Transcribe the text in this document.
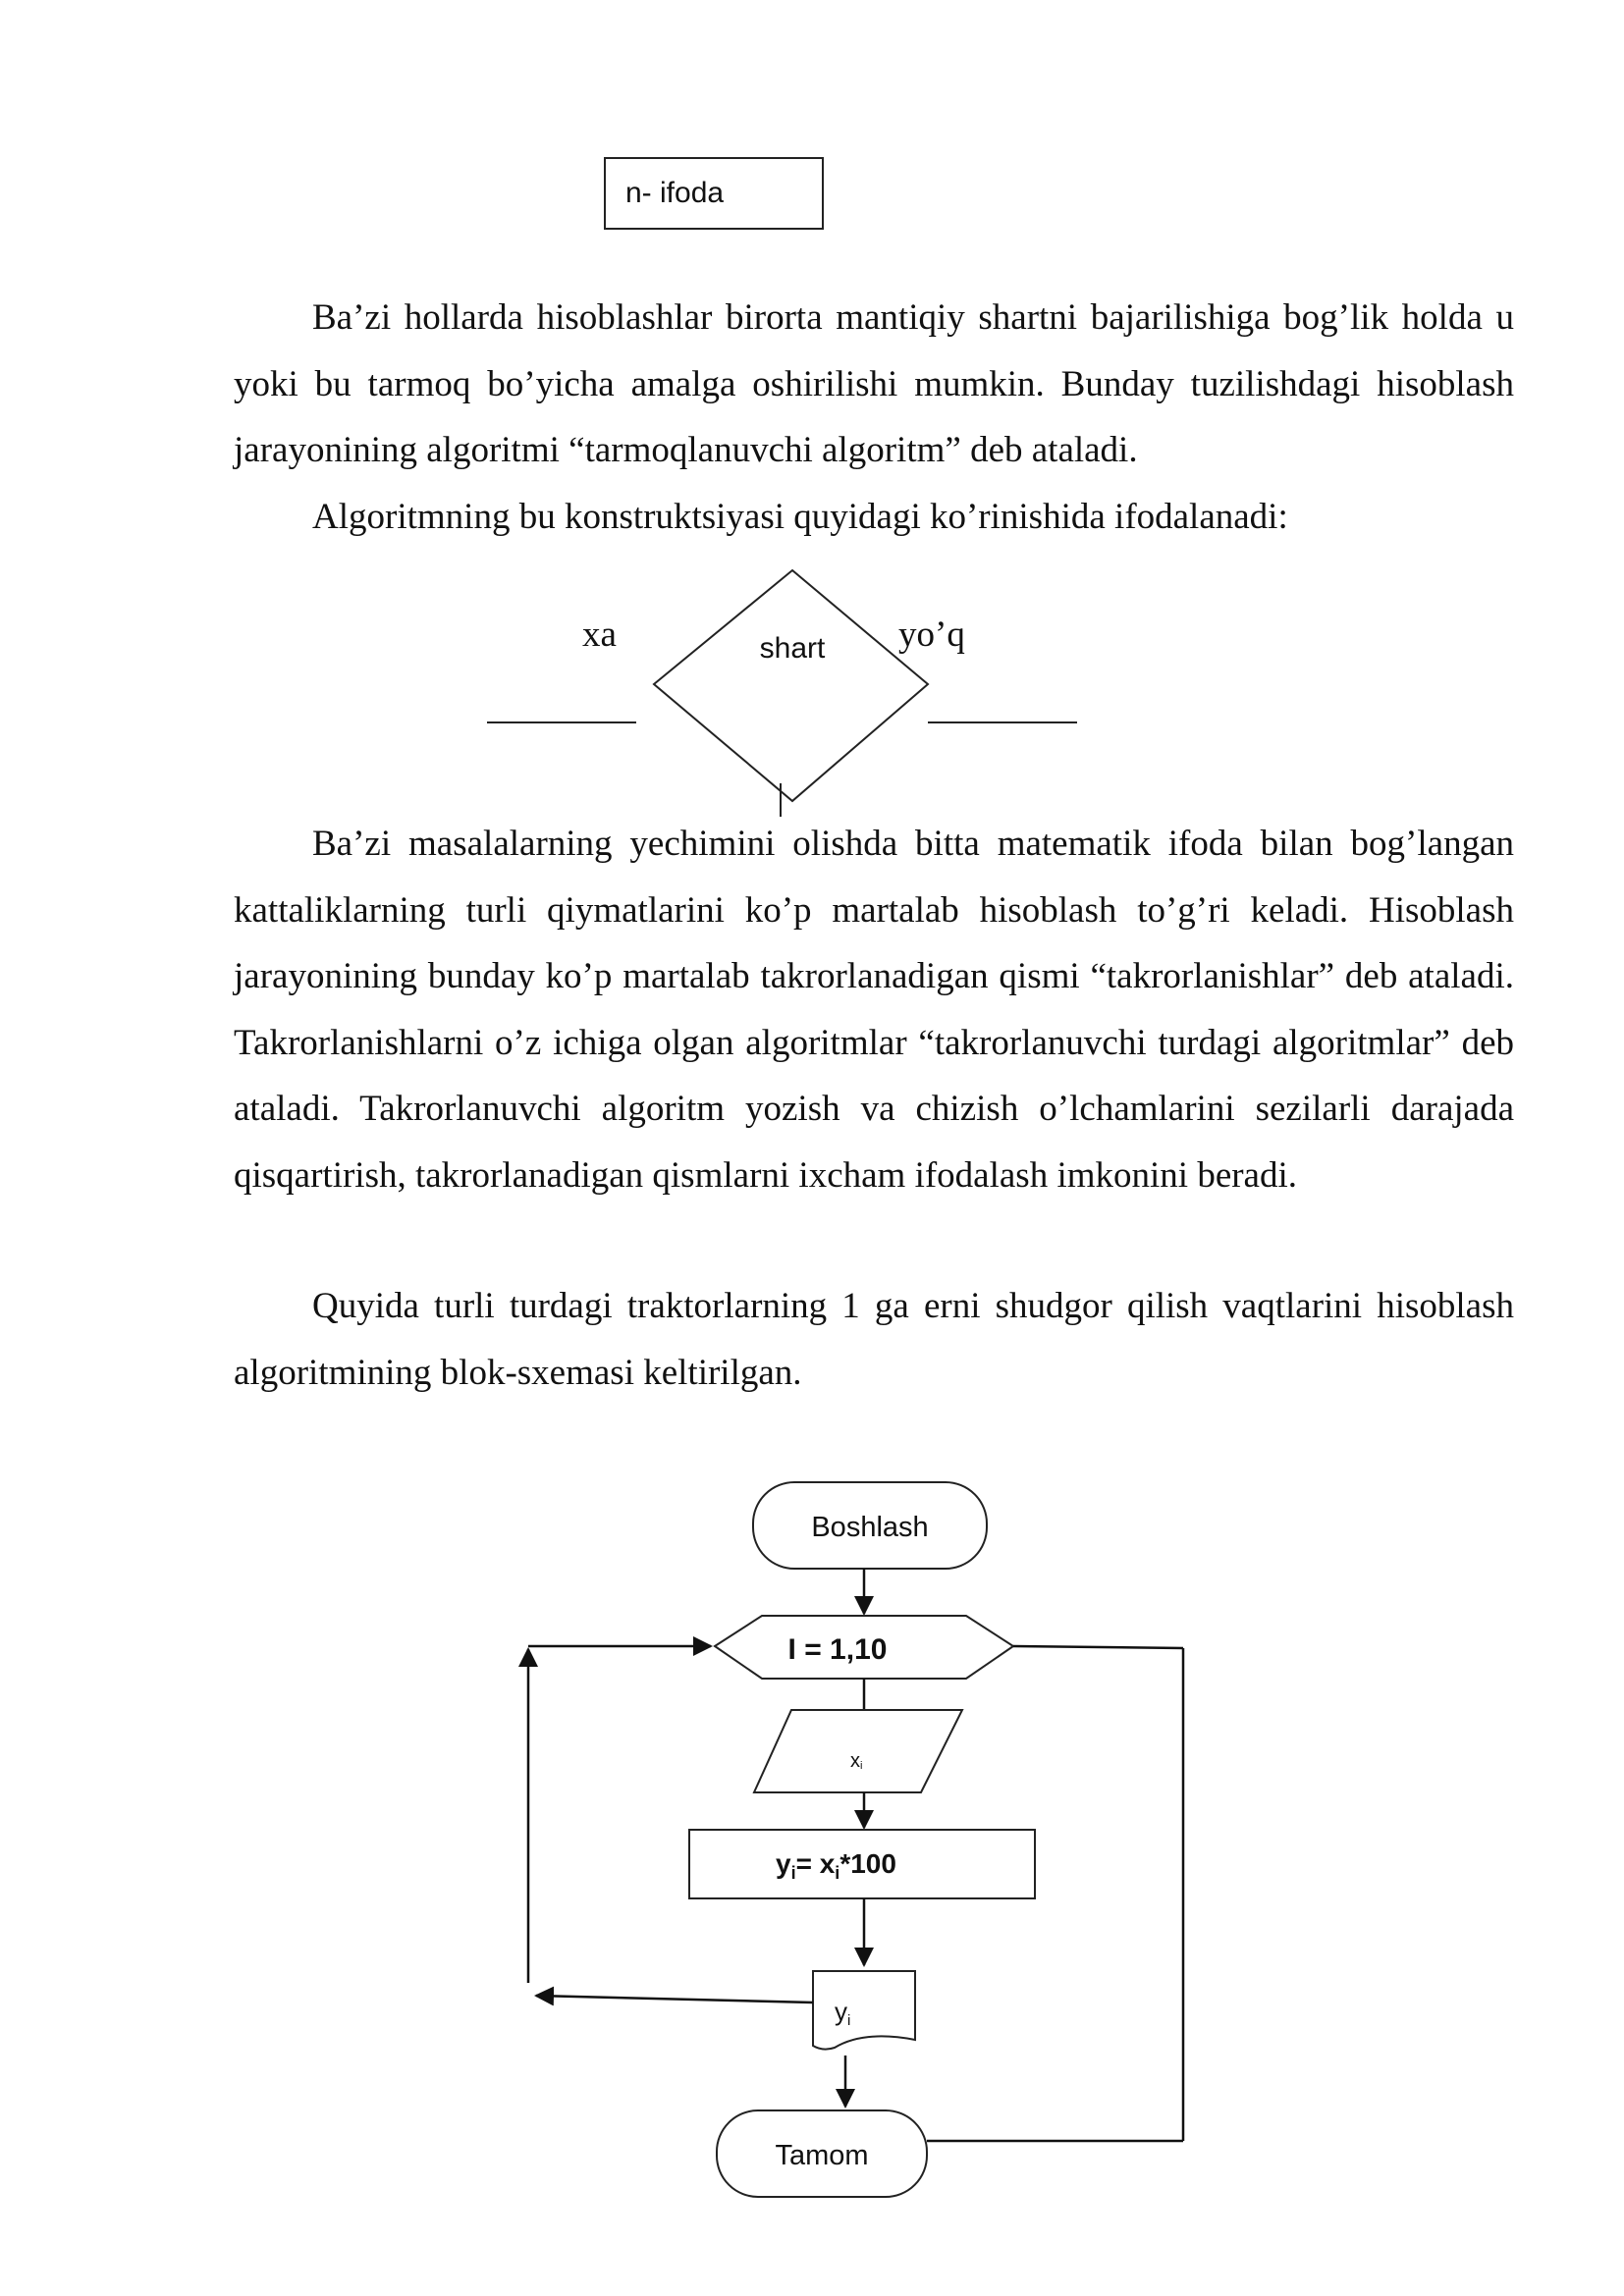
n- ifoda

Ba’zi hollarda hisoblashlar birorta mantiqiy shartni bajarilishiga bog’lik holda u yoki bu tarmoq bo’yicha amalga oshirilishi mumkin. Bunday tuzilishdagi hisoblash jarayonining algoritmi “tarmoqlanuvchi algoritm” deb ataladi.

Algoritmning bu konstruktsiyasi quyidagi ko’rinishida ifodalanadi:

shart
xa	yo’q

Ba’zi masalalarning yechimini olishda bitta matematik ifoda bilan bog’langan kattaliklarning turli qiymatlarini ko’p martalab hisoblash to’g’ri keladi. Hisoblash jarayonining bunday ko’p martalab takrorlanadigan qismi “takrorlanishlar” deb ataladi. Takrorlanishlarni o’z ichiga olgan algoritmlar “takrorlanuvchi turdagi algoritmlar” deb ataladi. Takrorlanuvchi algoritm yozish va chizish o’lchamlarini sezilarli darajada qisqartirish, takrorlanadigan qismlarni ixcham ifodalash imkonini beradi.

Quyida turli turdagi traktorlarning 1 ga erni shudgor qilish vaqtlarini hisoblash algoritmining blok-sxemasi keltirilgan.

Boshlash
I = 1,10
xi
$y_i= x_i*100$
yi
Tamom
